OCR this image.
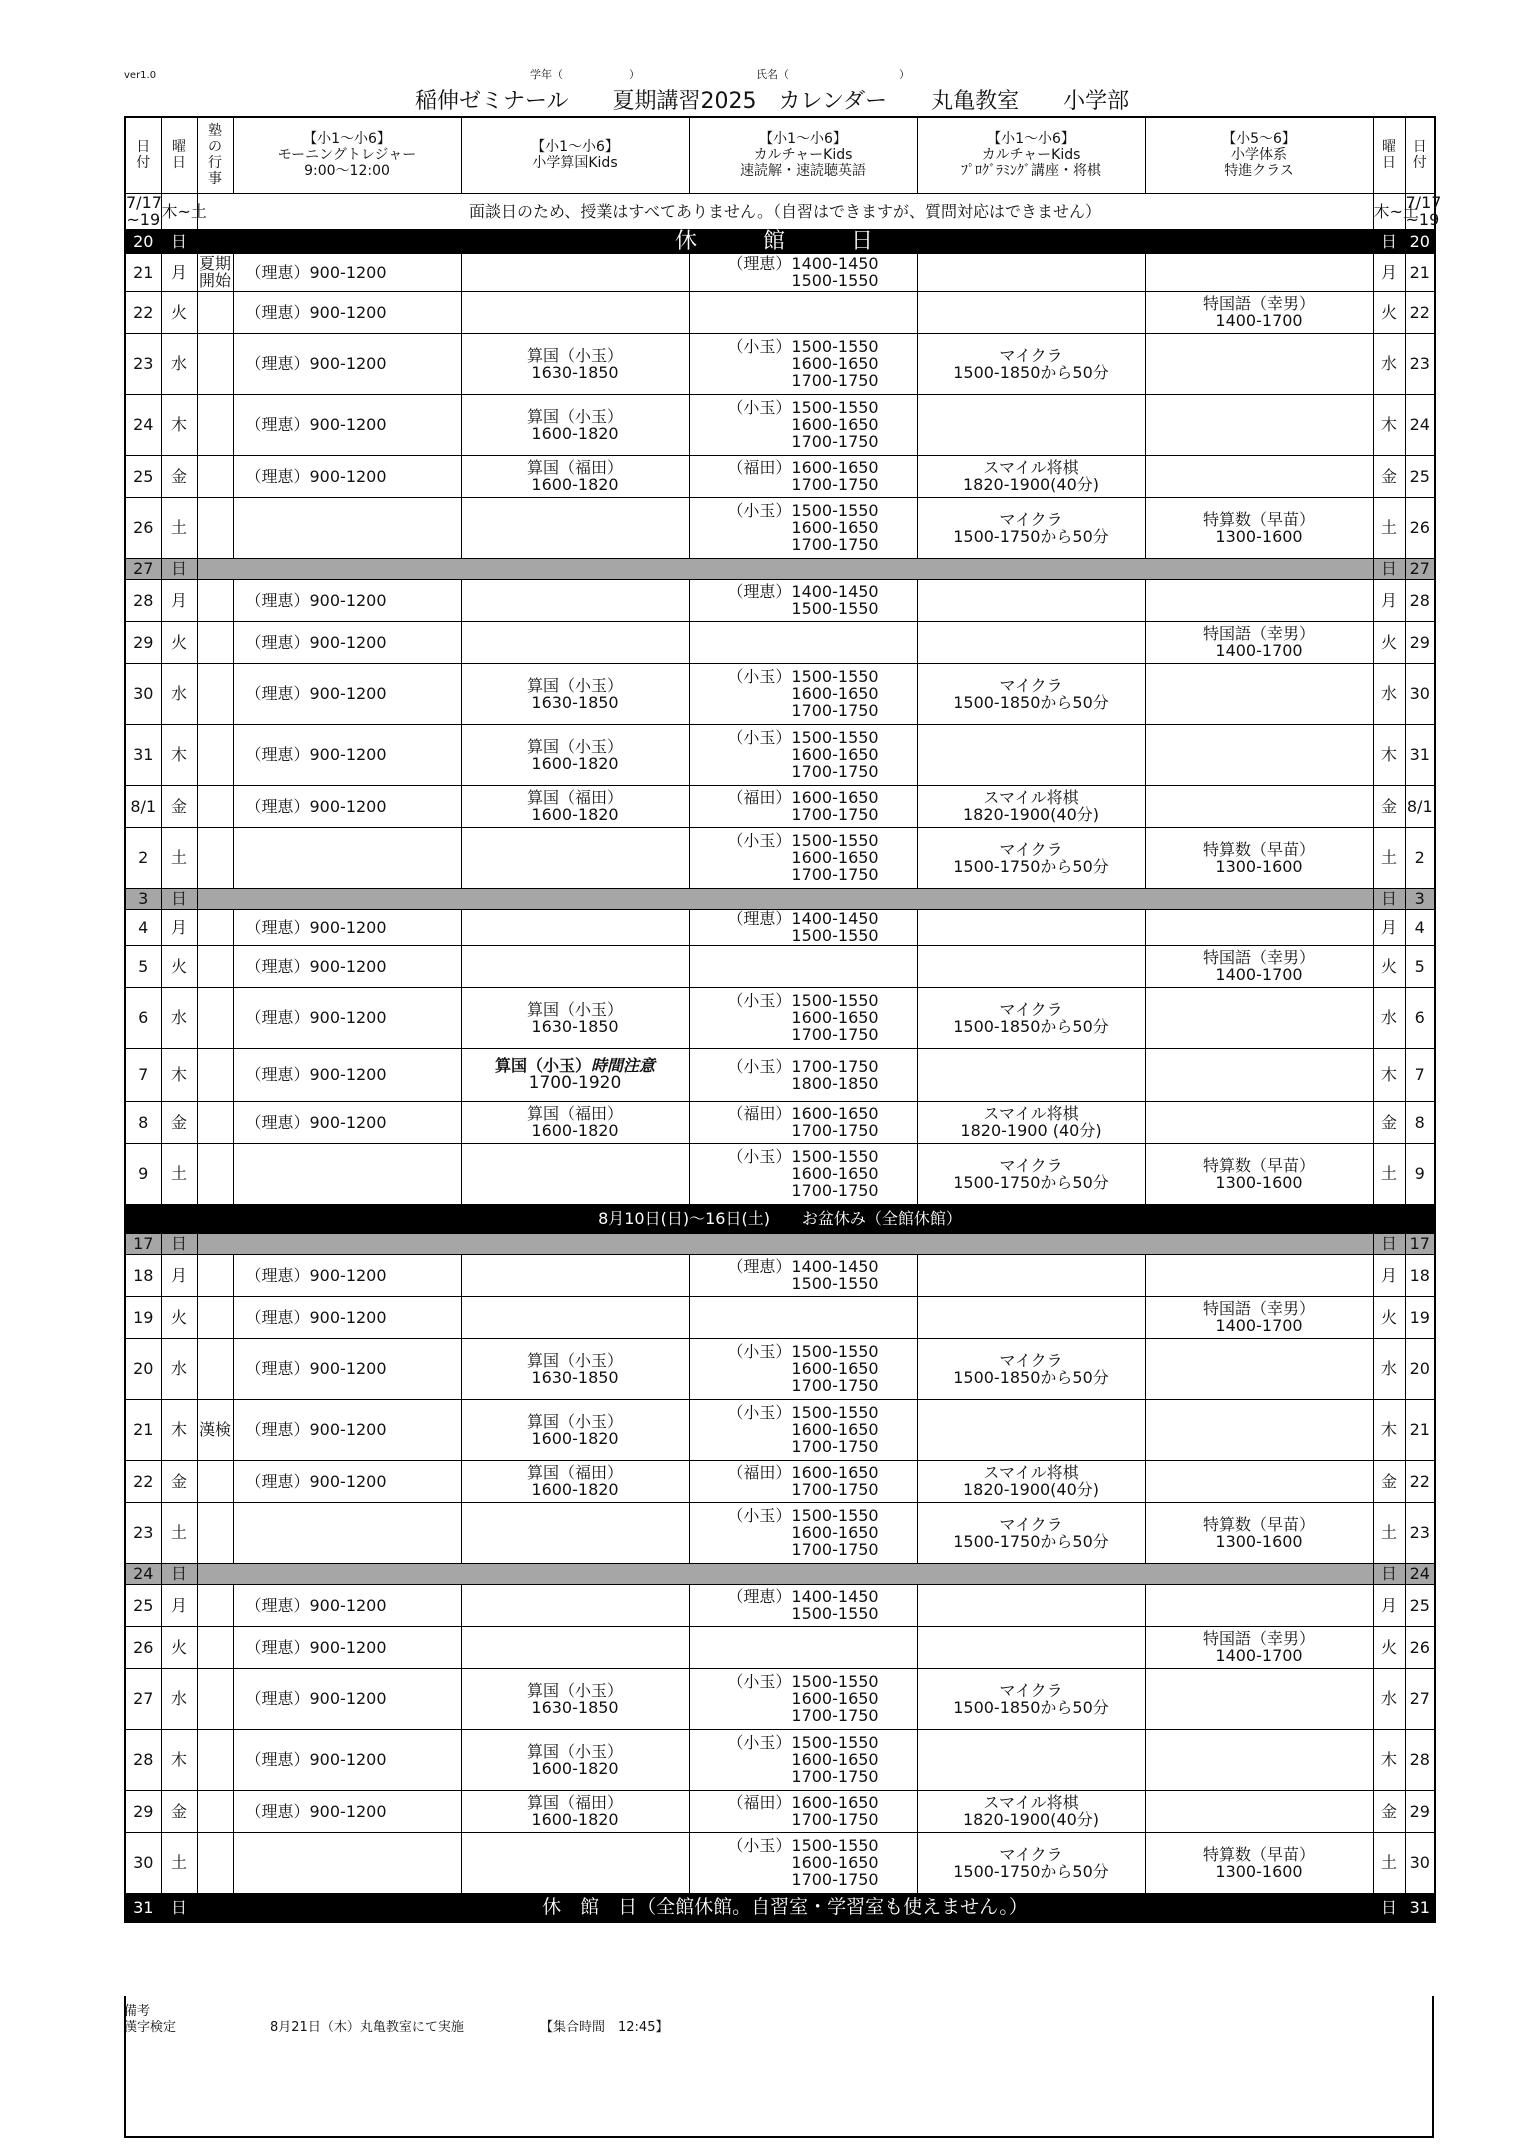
ver1.0	学年（　　　　　　）	氏名（　　　　　　　　　　）
稲伸ゼミナール　　夏期講習2025　カレンダー　　丸亀教室　　小学部
日
付	曜
日	塾
の
行
事	【小1～小6】
モーニングトレジャー
9:00～12:00	【小1～小6】
小学算国Kids	【小1～小6】
カルチャーKids
速読解・速読聴英語	【小1～小6】
カルチャーKids
ﾌﾟﾛｸﾞﾗﾐﾝｸﾞ講座・将棋	【小5～6】
小学体系
特進クラス	曜
日	日
付
7/17
~19	木~土	面談日のため、授業はすべてありません。（自習はできますが、質問対応はできません）						木~土	7/17
~19
20	日	休　館　日						日	20
21	月	夏期
開始	（理恵）900-1200		（理恵）1400-1450
　　　　1500-1550			月	21
22	火		（理恵）900-1200				特国語（幸男）
1400-1700	火	22
23	水		（理恵）900-1200	算国（小玉）
1630-1850	（小玉）1500-1550
　　　　1600-1650
　　　　1700-1750	マイクラ
1500-1850から50分		水	23
24	木		（理恵）900-1200	算国（小玉）
1600-1820	（小玉）1500-1550
　　　　1600-1650
　　　　1700-1750			木	24
25	金		（理恵）900-1200	算国（福田）
1600-1820	（福田）1600-1650
　　　　1700-1750	スマイル将棋
1820-1900(40分)		金	25
26	土				（小玉）1500-1550
　　　　1600-1650
　　　　1700-1750	マイクラ
1500-1750から50分	特算数（早苗）
1300-1600	土	26
27	日							日	27
28	月		（理恵）900-1200		（理恵）1400-1450
　　　　1500-1550			月	28
29	火		（理恵）900-1200				特国語（幸男）
1400-1700	火	29
30	水		（理恵）900-1200	算国（小玉）
1630-1850	（小玉）1500-1550
　　　　1600-1650
　　　　1700-1750	マイクラ
1500-1850から50分		水	30
31	木		（理恵）900-1200	算国（小玉）
1600-1820	（小玉）1500-1550
　　　　1600-1650
　　　　1700-1750			木	31
8/1	金		（理恵）900-1200	算国（福田）
1600-1820	（福田）1600-1650
　　　　1700-1750	スマイル将棋
1820-1900(40分)		金	8/1
2	土				（小玉）1500-1550
　　　　1600-1650
　　　　1700-1750	マイクラ
1500-1750から50分	特算数（早苗）
1300-1600	土	2
3	日							日	3
4	月		（理恵）900-1200		（理恵）1400-1450
　　　　1500-1550			月	4
5	火		（理恵）900-1200				特国語（幸男）
1400-1700	火	5
6	水		（理恵）900-1200	算国（小玉）
1630-1850	（小玉）1500-1550
　　　　1600-1650
　　　　1700-1750	マイクラ
1500-1850から50分		水	6
7	木		（理恵）900-1200	算国（小玉）時間注意
1700-1920	（小玉）1700-1750
　　　　1800-1850			木	7
8	金		（理恵）900-1200	算国（福田）
1600-1820	（福田）1600-1650
　　　　1700-1750	スマイル将棋
1820-1900 (40分)		金	8
9	土				（小玉）1500-1550
　　　　1600-1650
　　　　1700-1750	マイクラ
1500-1750から50分	特算数（早苗）
1300-1600	土	9
8月10日(日)～16日(土)　　お盆休み（全館休館）									
17	日							日	17
18	月		（理恵）900-1200		（理恵）1400-1450
　　　　1500-1550			月	18
19	火		（理恵）900-1200				特国語（幸男）
1400-1700	火	19
20	水		（理恵）900-1200	算国（小玉）
1630-1850	（小玉）1500-1550
　　　　1600-1650
　　　　1700-1750	マイクラ
1500-1850から50分		水	20
21	木	漢検	（理恵）900-1200	算国（小玉）
1600-1820	（小玉）1500-1550
　　　　1600-1650
　　　　1700-1750			木	21
22	金		（理恵）900-1200	算国（福田）
1600-1820	（福田）1600-1650
　　　　1700-1750	スマイル将棋
1820-1900(40分)		金	22
23	土				（小玉）1500-1550
　　　　1600-1650
　　　　1700-1750	マイクラ
1500-1750から50分	特算数（早苗）
1300-1600	土	23
24	日							日	24
25	月		（理恵）900-1200		（理恵）1400-1450
　　　　1500-1550			月	25
26	火		（理恵）900-1200				特国語（幸男）
1400-1700	火	26
27	水		（理恵）900-1200	算国（小玉）
1630-1850	（小玉）1500-1550
　　　　1600-1650
　　　　1700-1750	マイクラ
1500-1850から50分		水	27
28	木		（理恵）900-1200	算国（小玉）
1600-1820	（小玉）1500-1550
　　　　1600-1650
　　　　1700-1750			木	28
29	金		（理恵）900-1200	算国（福田）
1600-1820	（福田）1600-1650
　　　　1700-1750	スマイル将棋
1820-1900(40分)		金	29
30	土				（小玉）1500-1550
　　　　1600-1650
　　　　1700-1750	マイクラ
1500-1750から50分	特算数（早苗）
1300-1600	土	30
31	日	休　館　日（全館休館。自習室・学習室も使えません。）						日	31
備考
漢字検定	8月21日（木）丸亀教室にて実施	【集合時間　12:45】
